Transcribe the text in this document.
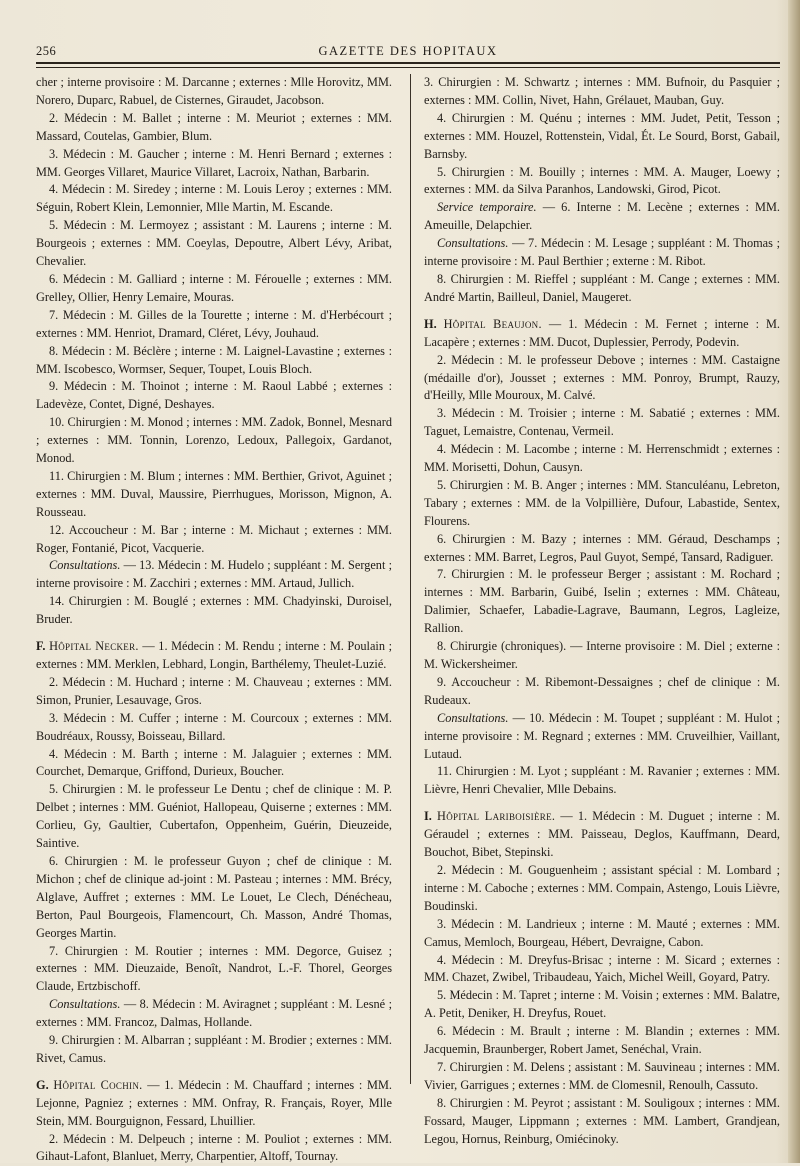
256	GAZETTE DES HOPITAUX

cher ; interne provisoire : M. Darcanne ; externes : Mlle Horovitz, MM. Norero, Duparc, Rabuel, de Cisternes, Giraudet, Jacobson.

2. Médecin : M. Ballet ; interne : M. Meuriot ; externes : MM. Massard, Coutelas, Gambier, Blum.

3. Médecin : M. Gaucher ; interne : M. Henri Bernard ; externes : MM. Georges Villaret, Maurice Villaret, Lacroix, Nathan, Barbarin.

4. Médecin : M. Siredey ; interne : M. Louis Leroy ; externes : MM. Séguin, Robert Klein, Lemonnier, Mlle Martin, M. Escande.

5. Médecin : M. Lermoyez ; assistant : M. Laurens ; interne : M. Bourgeois ; externes : MM. Coeylas, Depoutre, Albert Lévy, Aribat, Chevalier.

6. Médecin : M. Galliard ; interne : M. Férouelle ; externes : MM. Grelley, Ollier, Henry Lemaire, Mouras.

7. Médecin : M. Gilles de la Tourette ; interne : M. d'Herbécourt ; externes : MM. Henriot, Dramard, Cléret, Lévy, Jouhaud.

8. Médecin : M. Béclère ; interne : M. Laignel-Lavastine ; externes : MM. Iscobesco, Wormser, Sequer, Toupet, Louis Bloch.

9. Médecin : M. Thoinot ; interne : M. Raoul Labbé ; externes : Ladevèze, Contet, Digné, Deshayes.

10. Chirurgien : M. Monod ; internes : MM. Zadok, Bonnel, Mesnard ; externes : MM. Tonnin, Lorenzo, Ledoux, Pallegoix, Gardanot, Monod.

11. Chirurgien : M. Blum ; internes : MM. Berthier, Grivot, Aguinet ; externes : MM. Duval, Maussire, Pierrhugues, Morisson, Mignon, A. Rousseau.

12. Accoucheur : M. Bar ; interne : M. Michaut ; externes : MM. Roger, Fontanié, Picot, Vacquerie.

Consultations. — 13. Médecin : M. Hudelo ; suppléant : M. Sergent ; interne provisoire : M. Zacchiri ; externes : MM. Artaud, Jullich.

14. Chirurgien : M. Bouglé ; externes : MM. Chadyinski, Duroisel, Bruder.

F. Hôpital Necker. — 1. Médecin : M. Rendu ; interne : M. Poulain ; externes : MM. Merklen, Lebhard, Longin, Barthélemy, Theulet-Luzié.

2. Médecin : M. Huchard ; interne : M. Chauveau ; externes : MM. Simon, Prunier, Lesauvage, Gros.

3. Médecin : M. Cuffer ; interne : M. Courcoux ; externes : MM. Boudréaux, Roussy, Boisseau, Billard.

4. Médecin : M. Barth ; interne : M. Jalaguier ; externes : MM. Courchet, Demarque, Griffond, Durieux, Boucher.

5. Chirurgien : M. le professeur Le Dentu ; chef de clinique : M. P. Delbet ; internes : MM. Guéniot, Hallopeau, Quiserne ; externes : MM. Corlieu, Gy, Gaultier, Cubertafon, Oppenheim, Guérin, Dieuzeide, Saintive.

6. Chirurgien : M. le professeur Guyon ; chef de clinique : M. Michon ; chef de clinique ad-joint : M. Pasteau ; internes : MM. Brécy, Alglave, Auffret ; externes : MM. Le Louet, Le Clech, Dénécheau, Berton, Paul Bourgeois, Flamencourt, Ch. Masson, André Thomas, Georges Martin.

7. Chirurgien : M. Routier ; internes : MM. Degorce, Guisez ; externes : MM. Dieuzaide, Benoît, Nandrot, L.-F. Thorel, Georges Claude, Ertzbischoff.

Consultations. — 8. Médecin : M. Aviragnet ; suppléant : M. Lesné ; externes : MM. Francoz, Dalmas, Hollande.

9. Chirurgien : M. Albarran ; suppléant : M. Brodier ; externes : MM. Rivet, Camus.

G. Hôpital Cochin. — 1. Médecin : M. Chauffard ; internes : MM. Lejonne, Pagniez ; externes : MM. Onfray, R. Français, Royer, Mlle Stein, MM. Bourguignon, Fessard, Lhuillier.

2. Médecin : M. Delpeuch ; interne : M. Pouliot ; externes : MM. Gihaut-Lafont, Blanluet, Merry, Charpentier, Altoff, Tournay.

3. Chirurgien : M. Schwartz ; internes : MM. Bufnoir, du Pasquier ; externes : MM. Collin, Nivet, Hahn, Grélauet, Mauban, Guy.

4. Chirurgien : M. Quénu ; internes : MM. Judet, Petit, Tesson ; externes : MM. Houzel, Rottenstein, Vidal, Ét. Le Sourd, Borst, Gabail, Barnsby.

5. Chirurgien : M. Bouilly ; internes : MM. A. Mauger, Loewy ; externes : MM. da Silva Paranhos, Landowski, Girod, Picot.

Service temporaire. — 6. Interne : M. Lecène ; externes : MM. Ameuille, Delapchier.

Consultations. — 7. Médecin : M. Lesage ; suppléant : M. Thomas ; interne provisoire : M. Paul Berthier ; externe : M. Ribot.

8. Chirurgien : M. Rieffel ; suppléant : M. Cange ; externes : MM. André Martin, Bailleul, Daniel, Maugeret.

H. Hôpital Beaujon. — 1. Médecin : M. Fernet ; interne : M. Lacapère ; externes : MM. Ducot, Duplessier, Perrody, Podevin.

2. Médecin : M. le professeur Debove ; internes : MM. Castaigne (médaille d'or), Jousset ; externes : MM. Ponroy, Brumpt, Rauzy, d'Heilly, Mlle Mouroux, M. Calvé.

3. Médecin : M. Troisier ; interne : M. Sabatié ; externes : MM. Taguet, Lemaistre, Contenau, Vermeil.

4. Médecin : M. Lacombe ; interne : M. Herrenschmidt ; externes : MM. Morisetti, Dohun, Causyn.

5. Chirurgien : M. B. Anger ; internes : MM. Stanculéanu, Lebreton, Tabary ; externes : MM. de la Volpillière, Dufour, Labastide, Sentex, Flourens.

6. Chirurgien : M. Bazy ; internes : MM. Géraud, Deschamps ; externes : MM. Barret, Legros, Paul Guyot, Sempé, Tansard, Radiguer.

7. Chirurgien : M. le professeur Berger ; assistant : M. Rochard ; internes : MM. Barbarin, Guibé, Iselin ; externes : MM. Château, Dalimier, Schaefer, Labadie-Lagrave, Baumann, Legros, Lagleize, Rallion.

8. Chirurgie (chroniques). — Interne provisoire : M. Diel ; externe : M. Wickersheimer.

9. Accoucheur : M. Ribemont-Dessaignes ; chef de clinique : M. Rudeaux.

Consultations. — 10. Médecin : M. Toupet ; suppléant : M. Hulot ; interne provisoire : M. Regnard ; externes : MM. Cruveilhier, Vaillant, Lutaud.

11. Chirurgien : M. Lyot ; suppléant : M. Ravanier ; externes : MM. Lièvre, Henri Chevalier, Mlle Debains.

I. Hôpital Lariboisière. — 1. Médecin : M. Duguet ; interne : M. Géraudel ; externes : MM. Paisseau, Deglos, Kauffmann, Deard, Bouchot, Bibet, Stepinski.

2. Médecin : M. Gouguenheim ; assistant spécial : M. Lombard ; interne : M. Caboche ; externes : MM. Compain, Astengo, Louis Lièvre, Boudinski.

3. Médecin : M. Landrieux ; interne : M. Mauté ; externes : MM. Camus, Memloch, Bourgeau, Hébert, Devraigne, Cabon.

4. Médecin : M. Dreyfus-Brisac ; interne : M. Sicard ; externes : MM. Chazet, Zwibel, Tribaudeau, Yaich, Michel Weill, Goyard, Patry.

5. Médecin : M. Tapret ; interne : M. Voisin ; externes : MM. Balatre, A. Petit, Deniker, H. Dreyfus, Rouet.

6. Médecin : M. Brault ; interne : M. Blandin ; externes : MM. Jacquemin, Braunberger, Robert Jamet, Senéchal, Vrain.

7. Chirurgien : M. Delens ; assistant : M. Sauvineau ; internes : MM. Vivier, Garrigues ; externes : MM. de Clomesnil, Renoulh, Cassuto.

8. Chirurgien : M. Peyrot ; assistant : M. Souligoux ; internes : MM. Fossard, Mauger, Lippmann ; externes : MM. Lambert, Grandjean, Legou, Hornus, Reinburg, Omiécinoky.
